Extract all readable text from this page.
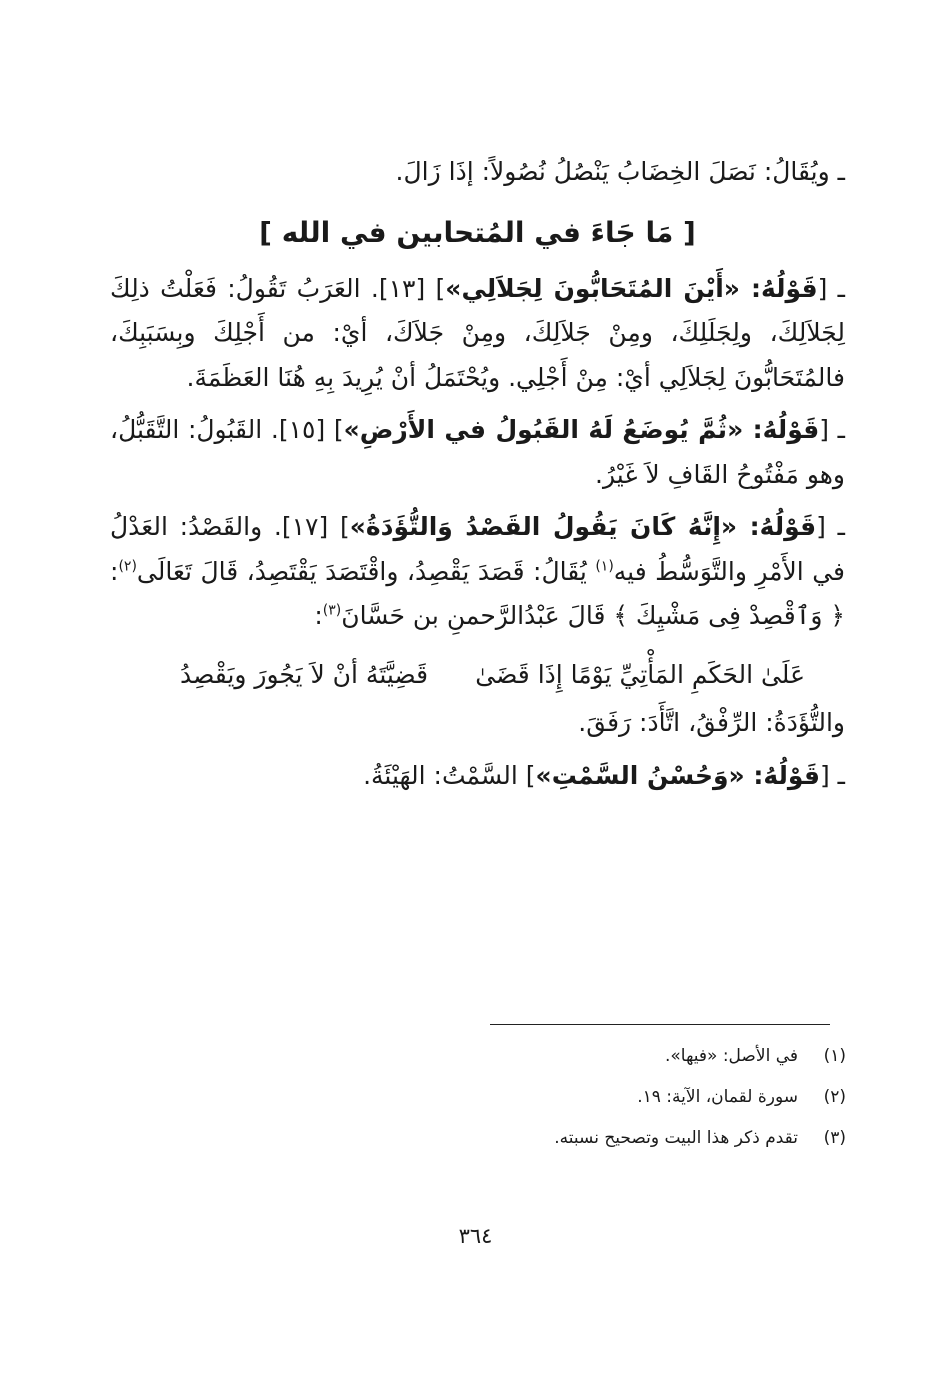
ـ ويُقَالُ: نَصَلَ الخِضَابُ يَنْصُلُ نُصُولاً: إذَا زَالَ.

[ مَا جَاءَ في المُتحابين في الله ]

ـ [قَوْلُهُ: «أَيْنَ المُتَحَابُّونَ لِجَلاَلِي»] [١٣]. العَرَبُ تَقُولُ: فَعَلْتُ ذلِكَ لِجَلاَلِكَ، ولِجَلَلِكَ، ومِنْ جَلاَلِكَ، ومِنْ جَلاَكَ، أيْ: من أَجْلِكَ وبِسَبَبِكَ، فالمُتَحَابُّونَ لِجَلاَلِي أيْ: مِنْ أَجْلِي. ويُحْتَمَلُ أنْ يُرِيدَ بِهِ هُنَا العَظَمَةَ.

ـ [قَوْلُهُ: «ثُمَّ يُوضَعُ لَهُ القَبُولُ في الأَرْضِ»] [١٥]. القَبُولُ: التَّقَبُّلُ، وهو مَفْتُوحُ القَافِ لاَ غَيْرُ.

ـ [قَوْلُهُ: «إِنَّهُ كَانَ يَقُولُ القَصْدُ وَالتُّؤَدَةُ»] [١٧]. والقَصْدُ: العَدْلُ في الأَمْرِ والتَّوَسُّطُ فيه$^{(١)}$ يُقَالُ: قَصَدَ يَقْصِدُ، واقْتَصَدَ يَقْتَصِدُ، قَالَ تَعَالَى$^{(٢)}$: ﴿ وَٱقْصِدْ فِى مَشْيِكَ ﴾ قَالَ عَبْدُالرَّحمنِ بن حَسَّانَ$^{(٣)}$:

عَلَىٰ الحَكَمِ المَأْتِيِّ يَوْمًا إِذَا قَضَىٰ
قَضِيَّتَهُ أنْ لاَ يَجُورَ ويَقْصِدُ

والتُّؤَدَةُ: الرِّفْقُ، اتَّأَدَ: رَفَقَ.

ـ [قَوْلُهُ: «وَحُسْنُ السَّمْتِ»] السَّمْتُ: الهَيْئَةُ.

(١)
في الأصل: «فيها».
(٢)
سورة لقمان، الآية: ١٩.
(٣)
تقدم ذكر هذا البيت وتصحيح نسبته.
٣٦٤
